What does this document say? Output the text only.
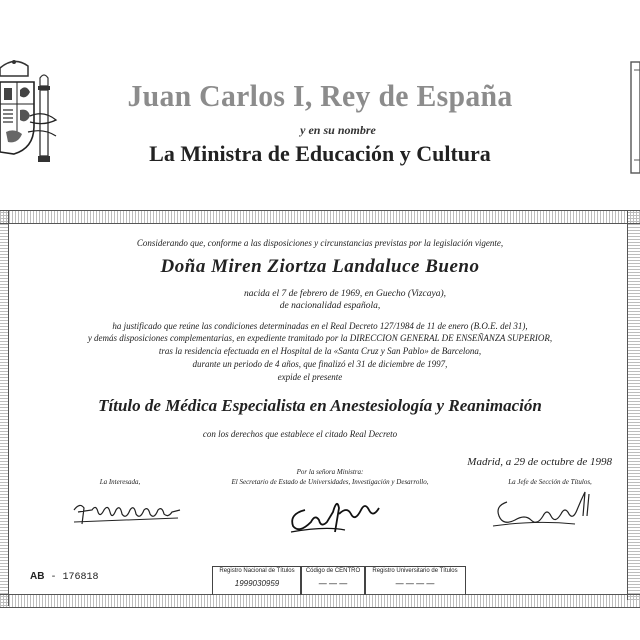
Juan Carlos I, Rey de España
y en su nombre
La Ministra de Educación y Cultura
Considerando que, conforme a las disposiciones y circunstancias previstas por la legislación vigente,
Doña Miren Ziortza Landaluce Bueno
nacida el 7 de febrero de 1969, en Guecho (Vizcaya),
de nacionalidad española,
ha justificado que reúne las condiciones determinadas en el Real Decreto 127/1984 de 11 de enero (B.O.E. del 31),
y demás disposiciones complementarias, en expediente tramitado por la DIRECCION GENERAL DE ENSEÑANZA SUPERIOR,
tras la residencia efectuada en el Hospital de la «Santa Cruz y San Pablo» de Barcelona,
durante un periodo de 4 años, que finalizó el 31 de diciembre de 1997,
expide el presente
Título de Médica Especialista en Anestesiología y Reanimación
con los derechos que establece el citado Real Decreto
Madrid, a 29 de octubre de 1998
La Interesada,
Por la señora Ministra:
El Secretario de Estado de Universidades, Investigación y Desarrollo,	La Jefe de Sección de Títulos,
AB - 176818
Registro Nacional de Títulos
1999030959
Código de CENTRO
— — —
Registro Universitario de Títulos
— — — —
